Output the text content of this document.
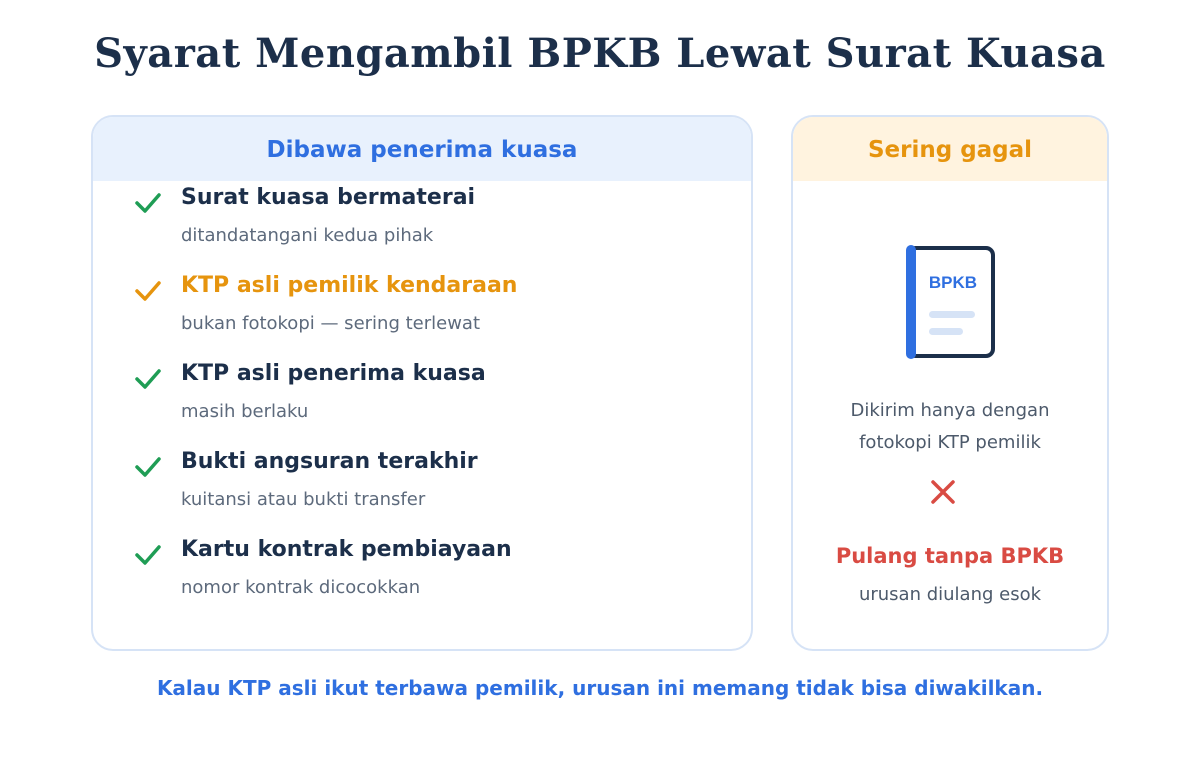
Syarat Mengambil BPKB Lewat Surat Kuasa
Dibawa penerima kuasa
Surat kuasa bermaterai
ditandatangani kedua pihak
KTP asli pemilik kendaraan
bukan fotokopi — sering terlewat
KTP asli penerima kuasa
masih berlaku
Bukti angsuran terakhir
kuitansi atau bukti transfer
Kartu kontrak pembiayaan
nomor kontrak dicocokkan
Sering gagal
BPKB
Dikirim hanya dengan
fotokopi KTP pemilik
Pulang tanpa BPKB
urusan diulang esok
Kalau KTP asli ikut terbawa pemilik, urusan ini memang tidak bisa diwakilkan.
